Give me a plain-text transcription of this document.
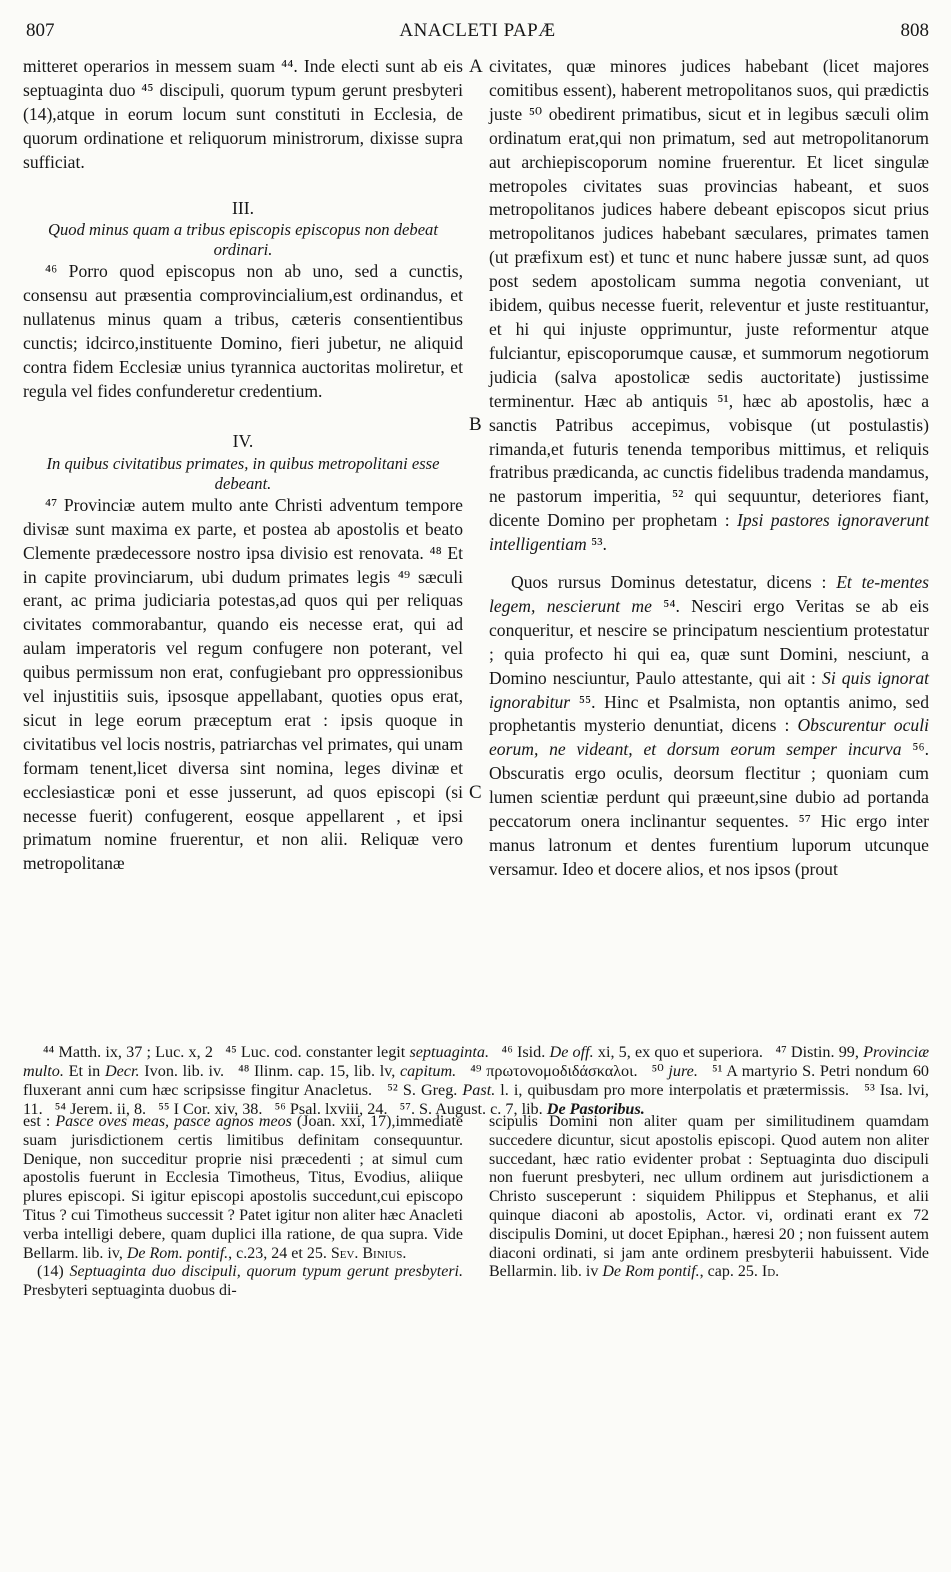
807	ANACLETI PAPÆ	808
A
B
C

mitteret operarios in messem suam ⁴⁴. Inde electi sunt ab eis septuaginta duo ⁴⁵ discipuli, quorum typum gerunt presbyteri (14),atque in eorum locum sunt constituti in Ecclesia, de quorum ordinatione et reliquorum ministrorum, dixisse supra sufficiat.

III.

Quod minus quam a tribus episcopis episcopus non debeat ordinari.

⁴⁶ Porro quod episcopus non ab uno, sed a cunctis, consensu aut præsentia comprovincialium,est ordinandus, et nullatenus minus quam a tribus, cæteris consentientibus cunctis; idcirco,instituente Domino, fieri jubetur, ne aliquid contra fidem Ecclesiæ unius tyrannica auctoritas moliretur, et regula vel fides confunderetur credentium.

IV.

In quibus civitatibus primates, in quibus metropolitani esse debeant.

⁴⁷ Provinciæ autem multo ante Christi adventum tempore divisæ sunt maxima ex parte, et postea ab apostolis et beato Clemente prædecessore nostro ipsa divisio est renovata. ⁴⁸ Et in capite provinciarum, ubi dudum primates legis ⁴⁹ sæculi erant, ac prima judiciaria potestas,ad quos qui per reliquas civitates commorabantur, quando eis necesse erat, qui ad aulam imperatoris vel regum confugere non poterant, vel quibus permissum non erat, confugiebant pro oppressionibus vel injustitiis suis, ipsosque appellabant, quoties opus erat, sicut in lege eorum præceptum erat : ipsis quoque in civitatibus vel locis nostris, patriarchas vel primates, qui unam formam tenent,licet diversa sint nomina, leges divinæ et ecclesiasticæ poni et esse jusserunt, ad quos episcopi (si necesse fuerit) confugerent, eosque appellarent , et ipsi primatum nomine fruerentur, et non alii. Reliquæ vero metropolitanæ

civitates, quæ minores judices habebant (licet majores comitibus essent), haberent metropolitanos suos, qui prædictis juste ⁵⁰ obedirent primatibus, sicut et in legibus sæculi olim ordinatum erat,qui non primatum, sed aut metropolitanorum aut archiepiscoporum nomine fruerentur. Et licet singulæ metropoles civitates suas provincias habeant, et suos metropolitanos judices habere debeant episcopos sicut prius metropolitanos judices habebant sæculares, primates tamen (ut præfixum est) et tunc et nunc habere jussæ sunt, ad quos post sedem apostolicam summa negotia conveniant, ut ibidem, quibus necesse fuerit, releventur et juste restituantur, et hi qui injuste opprimuntur, juste reformentur atque fulciantur, episcoporumque causæ, et summorum negotiorum judicia (salva apostolicæ sedis auctoritate) justissime terminentur. Hæc ab antiquis ⁵¹, hæc ab apostolis, hæc a sanctis Patribus accepimus, vobisque (ut postulastis) rimanda,et futuris tenenda temporibus mittimus, et reliquis fratribus prædicanda, ac cunctis fidelibus tradenda mandamus, ne pastorum imperitia, ⁵² qui sequuntur, deteriores fiant, dicente Domino per prophetam : Ipsi pastores ignoraverunt intelligentiam ⁵³.

Quos rursus Dominus detestatur, dicens : Et te-mentes legem, nescierunt me ⁵⁴. Nesciri ergo Veritas se ab eis conqueritur, et nescire se principatum nescientium protestatur ; quia profecto hi qui ea, quæ sunt Domini, nesciunt, a Domino nesciuntur, Paulo attestante, qui ait : Si quis ignorat ignorabitur ⁵⁵. Hinc et Psalmista, non optantis animo, sed prophetantis mysterio denuntiat, dicens : Obscurentur oculi eorum, ne videant, et dorsum eorum semper incurva ⁵⁶. Obscuratis ergo oculis, deorsum flectitur ; quoniam cum lumen scientiæ perdunt qui præeunt,sine dubio ad portanda peccatorum onera inclinantur sequentes. ⁵⁷ Hic ergo inter manus latronum et dentes furentium luporum utcunque versamur. Ideo et docere alios, et nos ipsos (prout

⁴⁴ Matth. ix, 37 ; Luc. x, 2 ⁴⁵ Luc. cod. constanter legit septuaginta. ⁴⁶ Isid. De off. xi, 5, ex quo et superiora. ⁴⁷ Distin. 99, Provinciæ multo. Et in Decr. Ivon. lib. iv. ⁴⁸ Ilinm. cap. 15, lib. lv, capitum. ⁴⁹ πρωτονομοδιδάσκαλοι. ⁵⁰ jure. ⁵¹ A martyrio S. Petri nondum 60 fluxerant anni cum hæc scripsisse fingitur Anacletus. ⁵² S. Greg. Past. l. i, quibusdam pro more interpolatis et prætermissis. ⁵³ Isa. lvi, 11. ⁵⁴ Jerem. ii, 8. ⁵⁵ I Cor. xiv, 38. ⁵⁶ Psal. lxviii, 24. ⁵⁷. S. August. c. 7, lib. De Pastoribus.

est : Pasce oves meas, pasce agnos meos (Joan. xxi, 17),immediate suam jurisdictionem certis limitibus definitam consequuntur. Denique, non succeditur proprie nisi præcedenti ; at simul cum apostolis fuerunt in Ecclesia Timotheus, Titus, Evodius, aliique plures episcopi. Si igitur episcopi apostolis succedunt,cui episcopo Titus ? cui Timotheus successit ? Patet igitur non aliter hæc Anacleti verba intelligi debere, quam duplici illa ratione, de qua supra. Vide Bellarm. lib. iv, De Rom. pontif., c.23, 24 et 25. Sev. Binius.

(14) Septuaginta duo discipuli, quorum typum gerunt presbyteri. Presbyteri septuaginta duobus di-

scipulis Domini non aliter quam per similitudinem quamdam succedere dicuntur, sicut apostolis episcopi. Quod autem non aliter succedant, hæc ratio evidenter probat : Septuaginta duo discipuli non fuerunt presbyteri, nec ullum ordinem aut jurisdictionem a Christo susceperunt : siquidem Philippus et Stephanus, et alii quinque diaconi ab apostolis, Actor. vi, ordinati erant ex 72 discipulis Domini, ut docet Epiphan., hæresi 20 ; non fuissent autem diaconi ordinati, si jam ante ordinem presbyterii habuissent. Vide Bellarmin. lib. iv De Rom pontif., cap. 25. Id.
